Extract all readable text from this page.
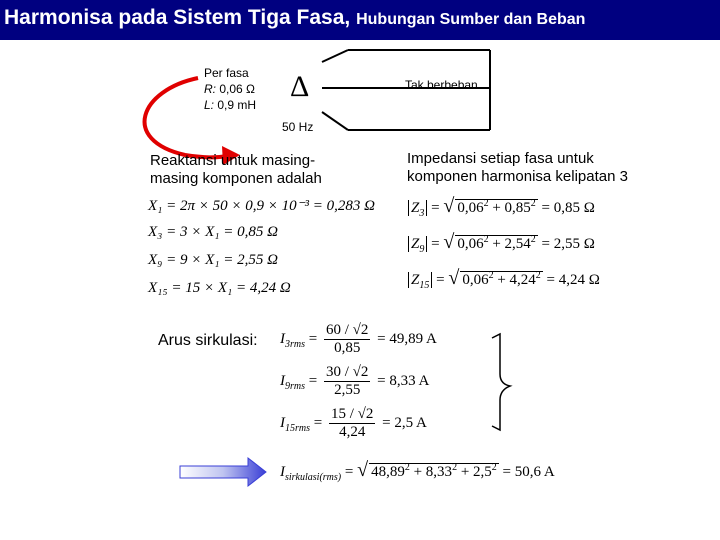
Harmonisa pada Sistem Tiga Fasa, Hubungan Sumber dan Beban
Per fasa
R: 0,06 Ω
L: 0,9 mH
Δ
50 Hz
Tak berbeban
Reaktansi untuk masing-
masing komponen adalah
X₁ = 2π × 50 × 0,9 × 10⁻³ = 0,283 Ω
X₃ = 3 × X₁ = 0,85 Ω
X₉ = 9 × X₁ = 2,55 Ω
X₁₅ = 15 × X₁ = 4,24 Ω
Impedansi setiap fasa untuk
komponen harmonisa kelipatan 3
$Z_3$ = √ $0,06^2 + 0,85^2 = 0,85$ Ω
$Z_9$ = √ $0,06^2 + 2,54^2 = 2,55$ Ω
$Z_{15}$ = √ $0,06^2 + 4,24^2 = 4,24$ Ω
Arus sirkulasi: $I_{3rms} = \frac{60 / √2}{0,85} = 49,89$ A
$I_{9rms} = \frac{30 / √2}{2,55} = 8,33$ A
$I_{15rms} = \frac{15 / √2}{4,24} = 2,5$ A
$I_{sirkulasi(rms)}$ = √ $48,89^2 + 8,33^2 + 2,5^2 = 50,6$ A
